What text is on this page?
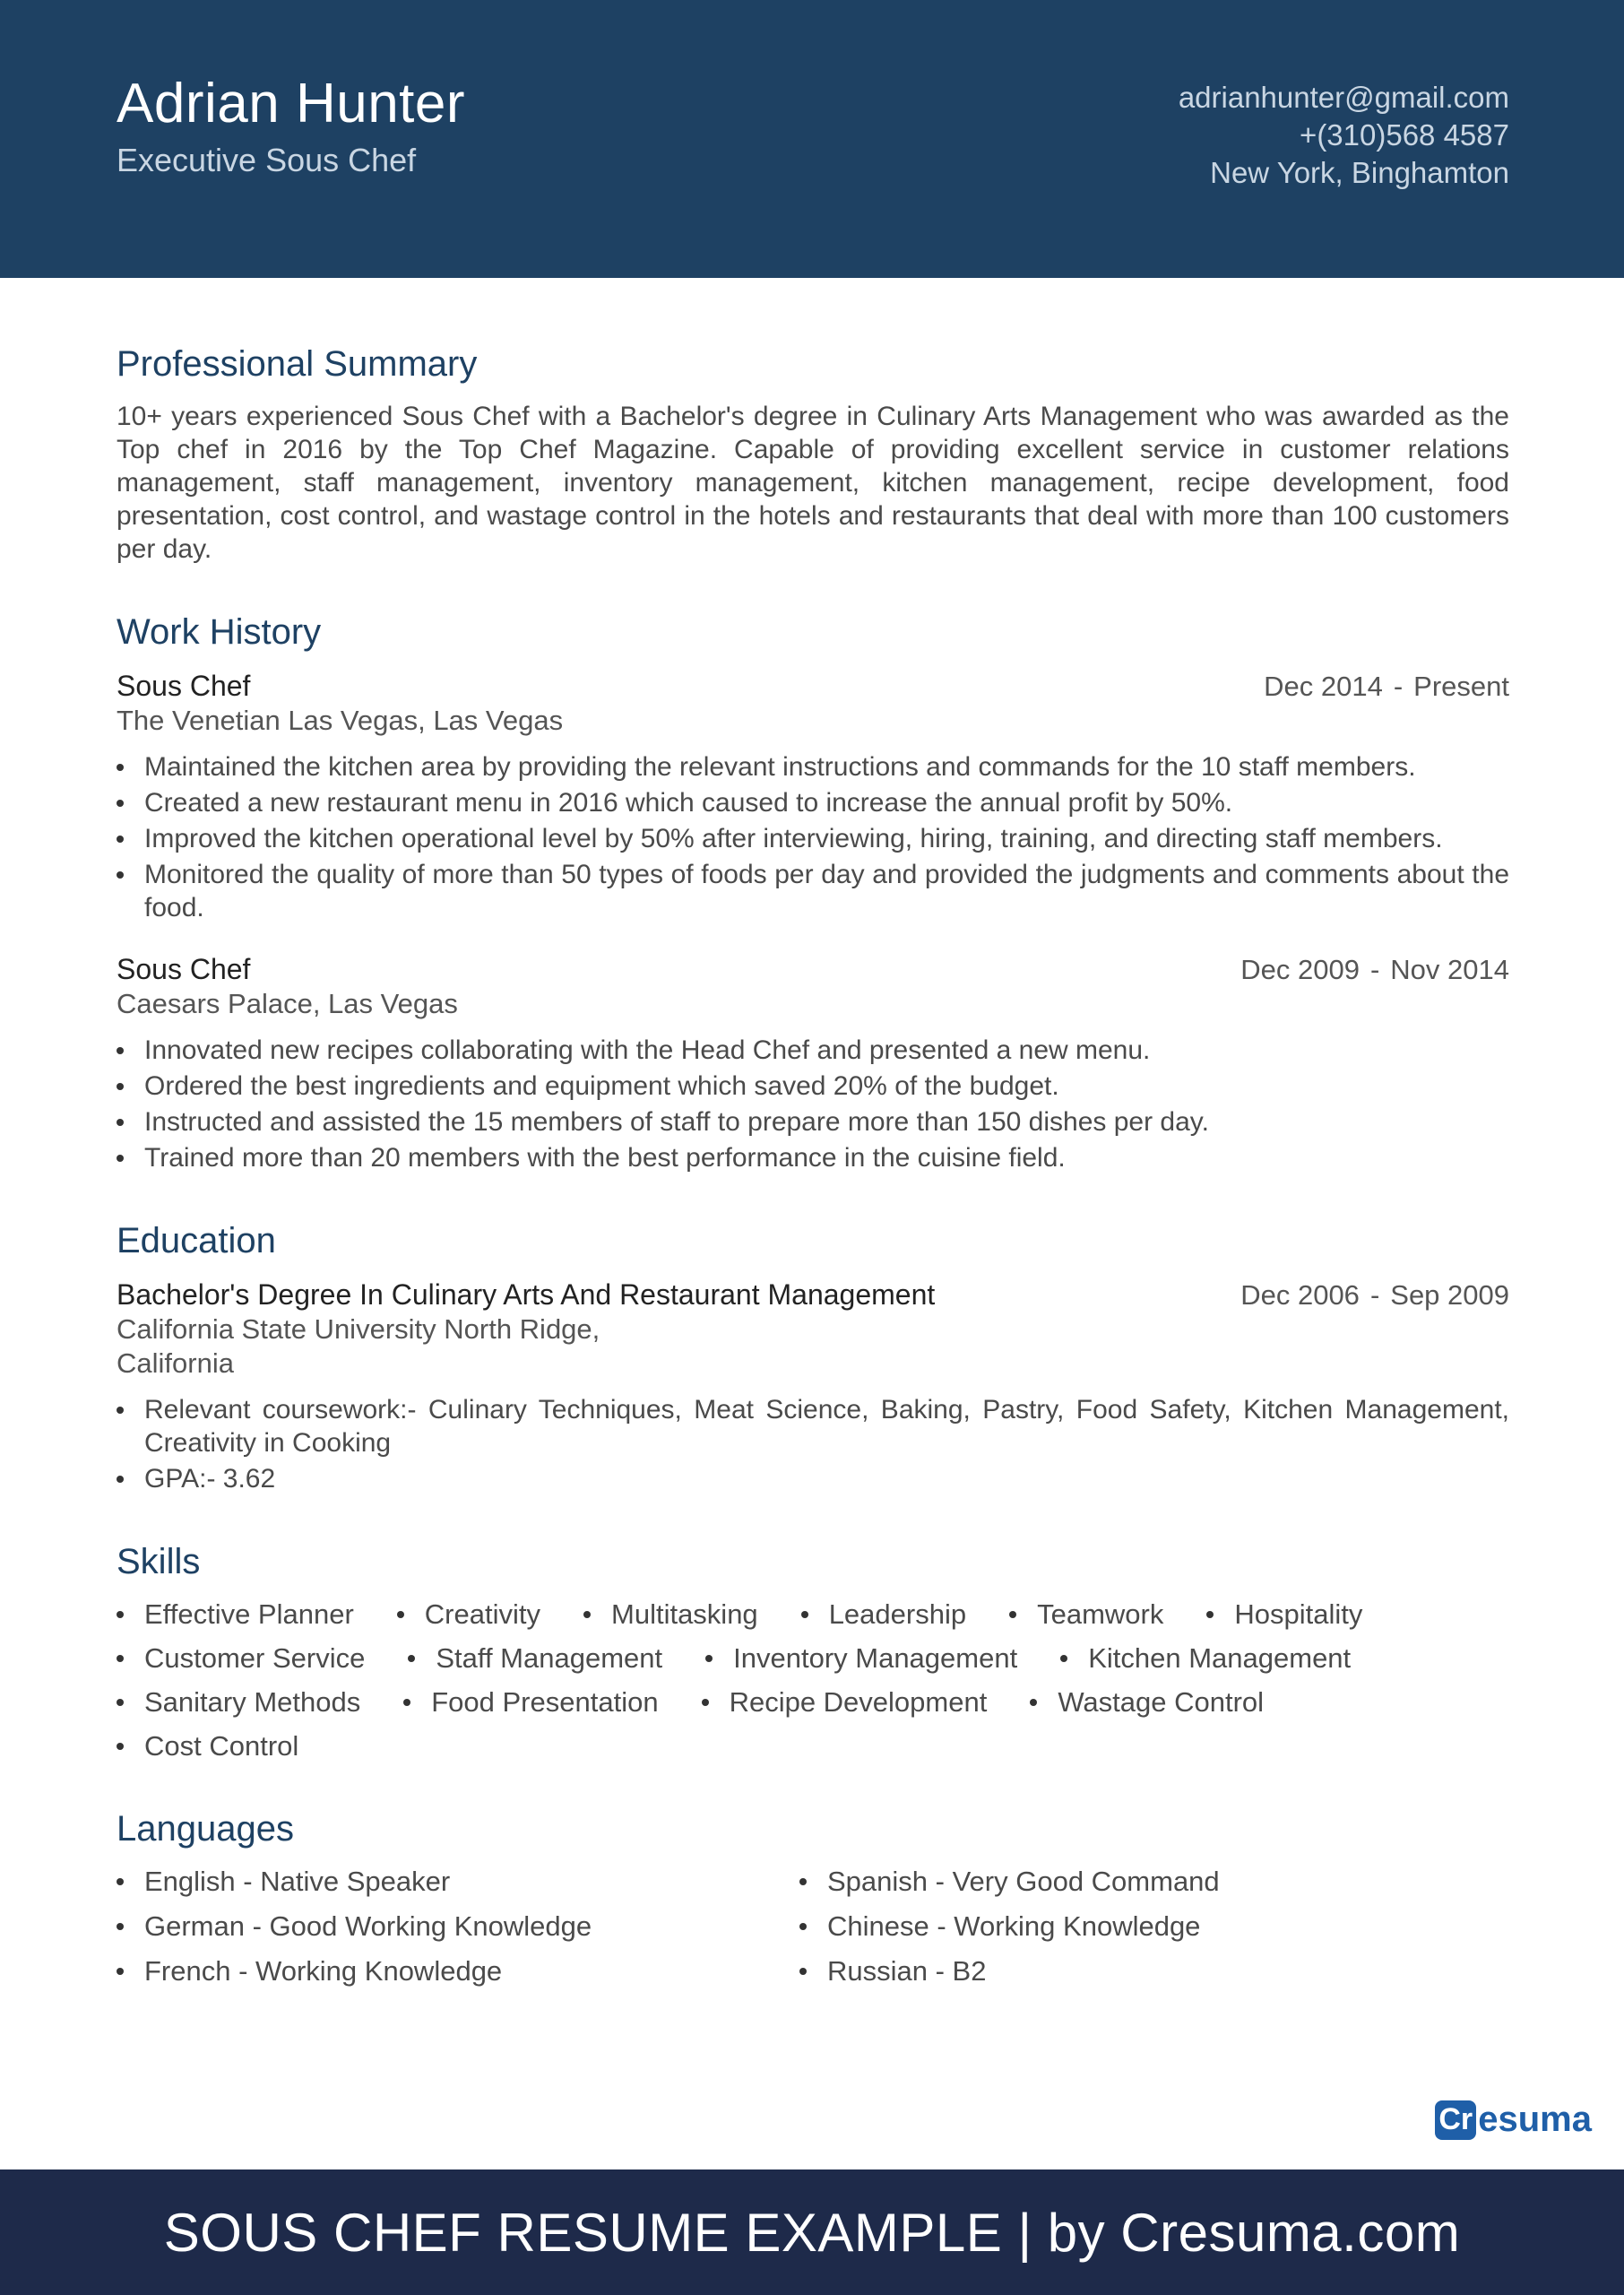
Adrian Hunter
Executive Sous Chef
adrianhunter@gmail.com
+(310)568 4587
New York, Binghamton
Professional Summary

10+ years experienced Sous Chef with a Bachelor's degree in Culinary Arts Management who was awarded as the Top chef in 2016 by the Top Chef Magazine. Capable of providing excellent service in customer relations management, staff management, inventory management, kitchen management, recipe development, food presentation, cost control, and wastage control in the hotels and restaurants that deal with more than 100 customers per day.

Work History
Sous Chef	Dec 2014 - Present
The Venetian Las Vegas, Las Vegas
Maintained the kitchen area by providing the relevant instructions and commands for the 10 staff members.
Created a new restaurant menu in 2016 which caused to increase the annual profit by 50%.
Improved the kitchen operational level by 50% after interviewing, hiring, training, and directing staff members.
Monitored the quality of more than 50 types of foods per day and provided the judgments and comments about the food.
Sous Chef	Dec 2009 - Nov 2014
Caesars Palace, Las Vegas
Innovated new recipes collaborating with the Head Chef and presented a new menu.
Ordered the best ingredients and equipment which saved 20% of the budget.
Instructed and assisted the 15 members of staff to prepare more than 150 dishes per day.
Trained more than 20 members with the best performance in the cuisine field.
Education
Bachelor's Degree In Culinary Arts And Restaurant Management	Dec 2006 - Sep 2009
California State University North Ridge, California
Relevant coursework:- Culinary Techniques, Meat Science, Baking, Pastry, Food Safety, Kitchen Management, Creativity in Cooking
GPA:- 3.62
Skills
Effective Planner	Creativity	Multitasking	Leadership	Teamwork	Hospitality
Customer Service	Staff Management	Inventory Management	Kitchen Management
Sanitary Methods	Food Presentation	Recipe Development	Wastage Control
Cost Control
Languages
English - Native Speaker	Spanish - Very Good Command
German - Good Working Knowledge	Chinese - Working Knowledge
French - Working Knowledge	Russian - B2
Cr esuma
SOUS CHEF RESUME EXAMPLE | by Cresuma.com
